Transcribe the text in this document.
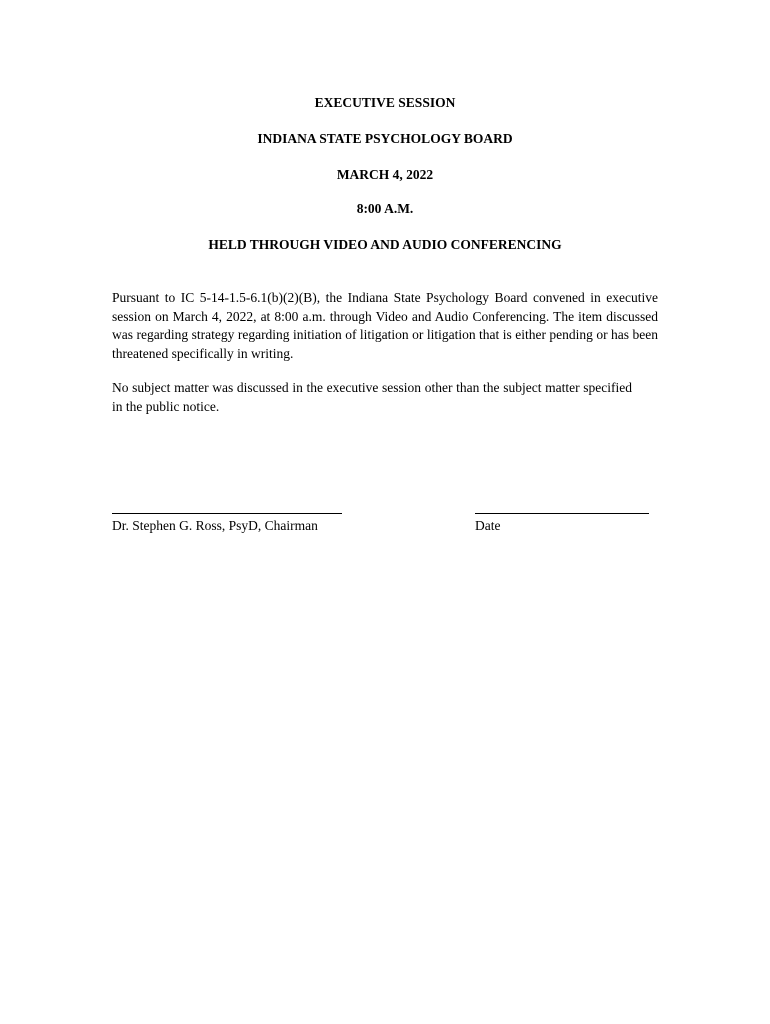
EXECUTIVE SESSION
INDIANA STATE PSYCHOLOGY BOARD
MARCH 4, 2022
8:00 A.M.
HELD THROUGH VIDEO AND AUDIO CONFERENCING

Pursuant to IC 5-14-1.5-6.1(b)(2)(B), the Indiana State Psychology Board convened in executive session on March 4, 2022, at 8:00 a.m. through Video and Audio Conferencing. The item discussed was regarding strategy regarding initiation of litigation or litigation that is either pending or has been threatened specifically in writing.

No subject matter was discussed in the executive session other than the subject matter specified in the public notice.

Dr. Stephen G. Ross, PsyD, Chairman	Date
